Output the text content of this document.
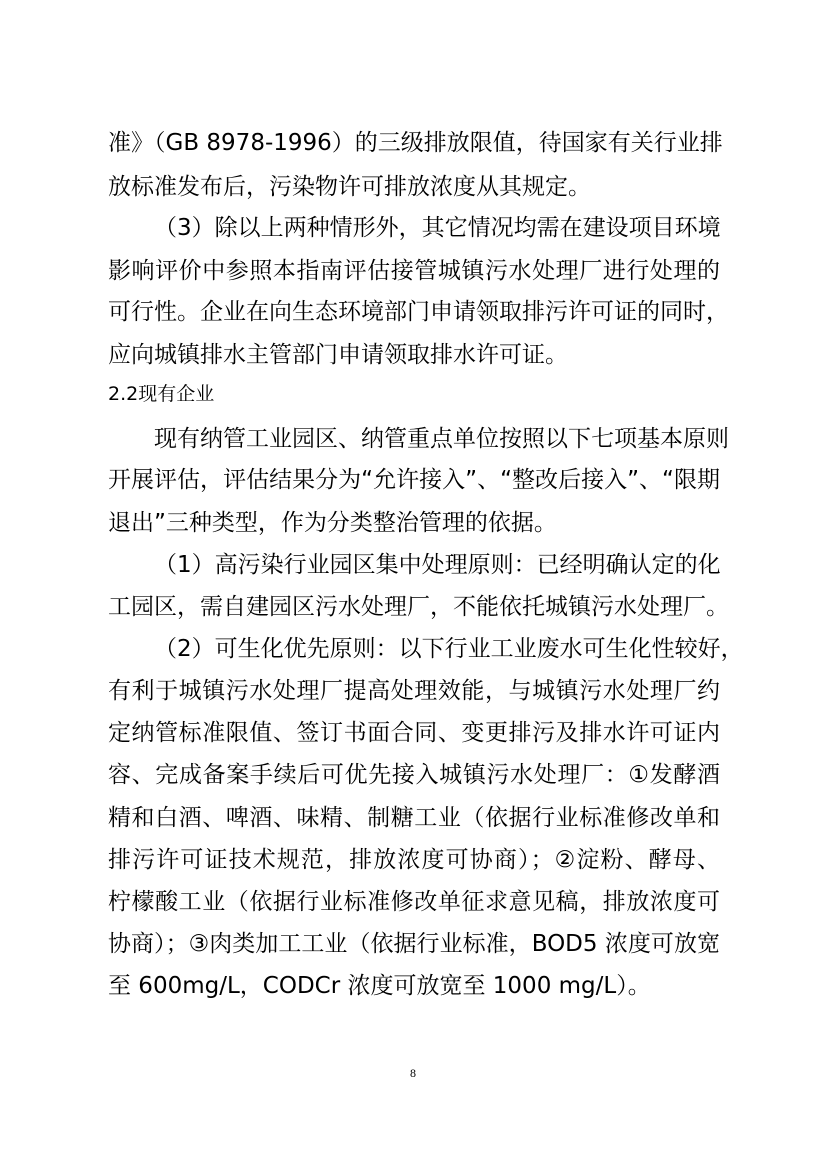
准》（GB 8978-1996）的三级排放限值，待国家有关行业排
放标准发布后，污染物许可排放浓度从其规定。
（3）除以上两种情形外，其它情况均需在建设项目环境
影响评价中参照本指南评估接管城镇污水处理厂进行处理的
可行性。企业在向生态环境部门申请领取排污许可证的同时，
应向城镇排水主管部门申请领取排水许可证。
2.2现有企业
现有纳管工业园区、纳管重点单位按照以下七项基本原则
开展评估，评估结果分为“允许接入”、“整改后接入”、“限期
退出”三种类型，作为分类整治管理的依据。
（1）高污染行业园区集中处理原则：已经明确认定的化
工园区，需自建园区污水处理厂，不能依托城镇污水处理厂。
（2）可生化优先原则：以下行业工业废水可生化性较好，
有利于城镇污水处理厂提高处理效能，与城镇污水处理厂约
定纳管标准限值、签订书面合同、变更排污及排水许可证内
容、完成备案手续后可优先接入城镇污水处理厂：①发酵酒
精和白酒、啤酒、味精、制糖工业（依据行业标准修改单和
排污许可证技术规范，排放浓度可协商）；②淀粉、酵母、
柠檬酸工业（依据行业标准修改单征求意见稿，排放浓度可
协商）；③肉类加工工业（依据行业标准，BOD5 浓度可放宽
至 600mg/L，CODCr 浓度可放宽至 1000 mg/L）。
8
